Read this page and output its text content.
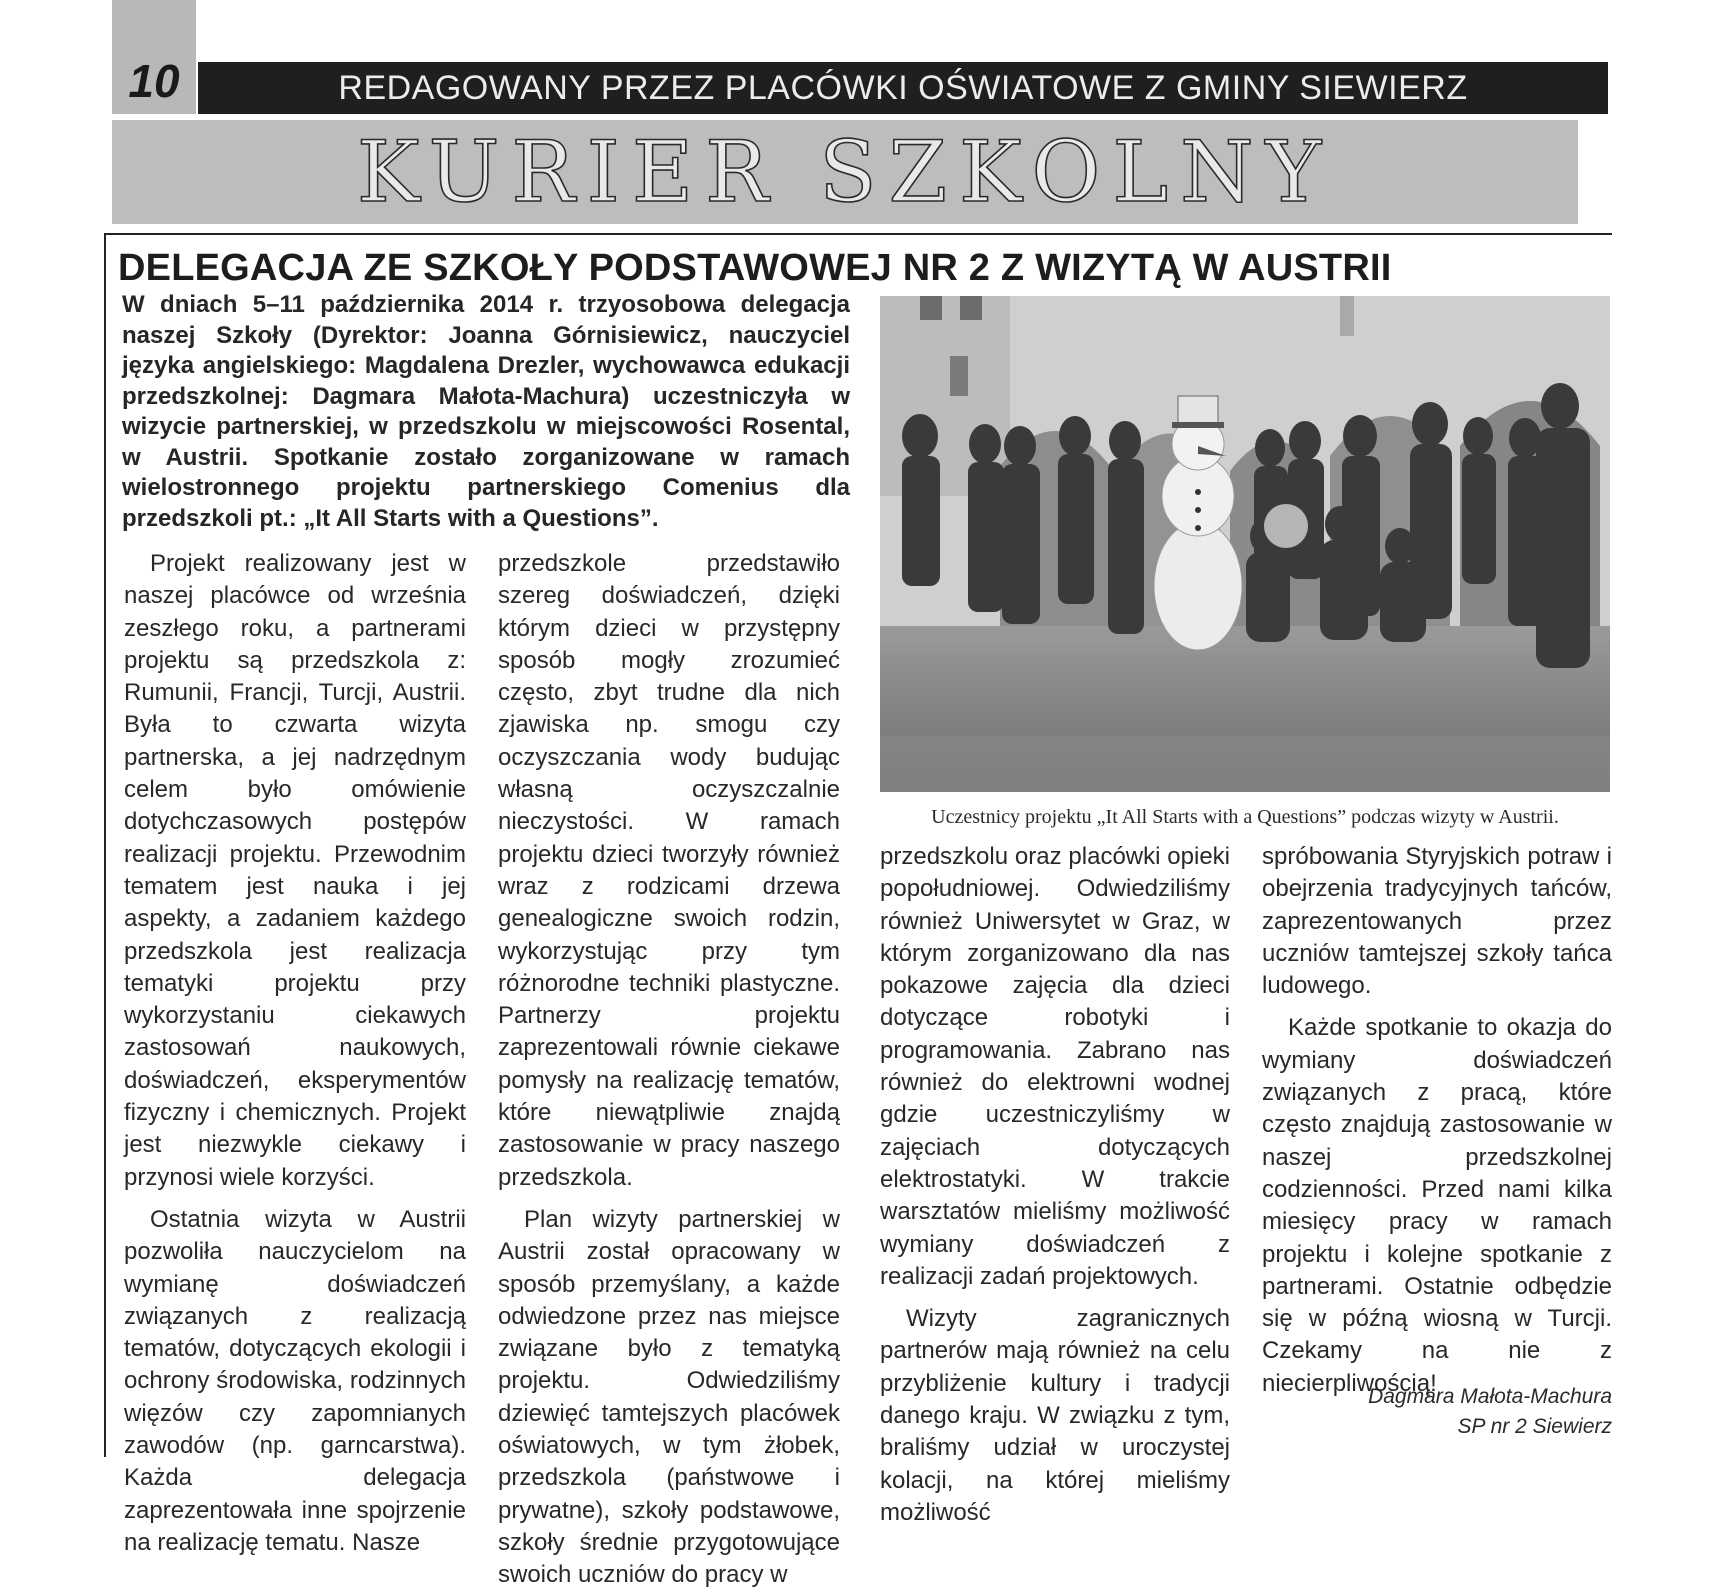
10	REDAGOWANY PRZEZ PLACÓWKI OŚWIATOWE Z GMINY SIEWIERZ
KURIER SZKOLNY
DELEGACJA ZE SZKOŁY PODSTAWOWEJ NR 2 Z WIZYTĄ W AUSTRII

W dniach 5–11 października 2014 r. trzyosobowa delegacja naszej Szkoły (Dyrektor: Joanna Górnisiewicz, nauczyciel języka angielskiego: Magdalena Drezler, wychowawca edukacji przedszkolnej: Dagmara Małota-Machura) uczestniczyła w wizycie partnerskiej, w przedszkolu w miejscowości Rosental, w Austrii. Spotkanie zostało zorganizowane w ramach wielostronnego projektu partnerskiego Comenius dla przedszkoli pt.: „It All Starts with a Questions”.

Projekt realizowany jest w naszej placówce od września zeszłego roku, a partnerami projektu są przedszkola z: Rumunii, Francji, Turcji, Austrii. Była to czwarta wizyta partnerska, a jej nadrzędnym celem było omówienie dotychczasowych postępów realizacji projektu. Przewodnim tematem jest nauka i jej aspekty, a zadaniem każdego przedszkola jest realizacja tematyki projektu przy wykorzystaniu ciekawych zastosowań naukowych, doświadczeń, eksperymentów fizyczny i chemicznych. Projekt jest niezwykle ciekawy i przynosi wiele korzyści.

Ostatnia wizyta w Austrii pozwoliła nauczycielom na wymianę doświadczeń związanych z realizacją tematów, dotyczących ekologii i ochrony środowiska, rodzinnych więzów czy zapomnianych zawodów (np. garncarstwa). Każda delegacja zaprezentowała inne spojrzenie na realizację tematu. Nasze

przedszkole przedstawiło szereg doświadczeń, dzięki którym dzieci w przystępny sposób mogły zrozumieć często, zbyt trudne dla nich zjawiska np. smogu czy oczyszczania wody budując własną oczyszczalnie nieczystości. W ramach projektu dzieci tworzyły również wraz z rodzicami drzewa genealogiczne swoich rodzin, wykorzystując przy tym różnorodne techniki plastyczne. Partnerzy projektu zaprezentowali równie ciekawe pomysły na realizację tematów, które niewątpliwie znajdą zastosowanie w pracy naszego przedszkola.

Plan wizyty partnerskiej w Austrii został opracowany w sposób przemyślany, a każde odwiedzone przez nas miejsce związane było z tematyką projektu. Odwiedziliśmy dziewięć tamtejszych placówek oświatowych, w tym żłobek, przedszkola (państwowe i prywatne), szkoły podstawowe, szkoły średnie przygotowujące swoich uczniów do pracy w

Uczestnicy projektu „It All Starts with a Questions” podczas wizyty w Austrii.

przedszkolu oraz placówki opieki popołudniowej. Odwiedziliśmy również Uniwersytet w Graz, w którym zorganizowano dla nas pokazowe zajęcia dla dzieci dotyczące robotyki i programowania. Zabrano nas również do elektrowni wodnej gdzie uczestniczyliśmy w zajęciach dotyczących elektrostatyki. W trakcie warsztatów mieliśmy możliwość wymiany doświadczeń z realizacji zadań projektowych.

Wizyty zagranicznych partnerów mają również na celu przybliżenie kultury i tradycji danego kraju. W związku z tym, braliśmy udział w uroczystej kolacji, na której mieliśmy możliwość

spróbowania Styryjskich potraw i obejrzenia tradycyjnych tańców, zaprezentowanych przez uczniów tamtejszej szkoły tańca ludowego.

Każde spotkanie to okazja do wymiany doświadczeń związanych z pracą, które często znajdują zastosowanie w naszej przedszkolnej codzienności. Przed nami kilka miesięcy pracy w ramach projektu i kolejne spotkanie z partnerami. Ostatnie odbędzie się w późną wiosną w Turcji. Czekamy na nie z niecierpliwością!

Dagmara Małota-Machura
SP nr 2 Siewierz
